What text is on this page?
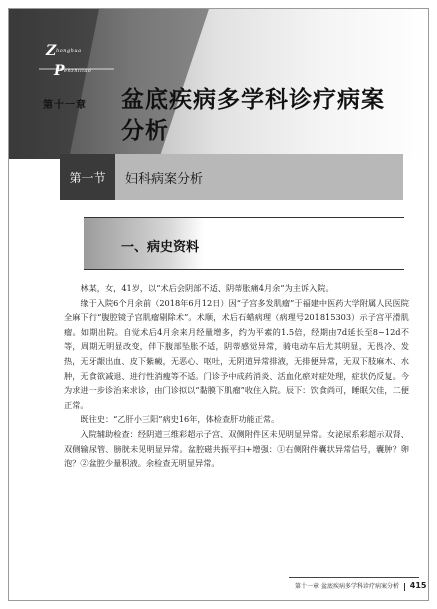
Z honghua
P enzhiliao
第十一章 盆底疾病多学科诊疗病案分析
第一节	妇科病案分析
一、病史资料

林某，女，41岁，以“术后会阴部不适、阴蒂胀痛4月余”为主诉入院。

缘于入院6个月余前（2018年6月12日）因“子宫多发肌瘤”于福建中医药大学附属人民医院全麻下行“腹腔镜子宫肌瘤剔除术”。术顺，术后石蜡病理（病理号201815303）示子宫平滑肌瘤。如期出院。自觉术后4月余来月经量增多，约为平素的1.5倍，经期由7d延长至8~12d不等，周期无明显改变，伴下腹部坠胀不适，阴蒂感觉异常，骑电动车后尤其明显，无畏冷、发热，无牙龈出血、皮下紫癜，无恶心、呕吐，无阴道异常排液，无排便异常，无双下肢麻木、水肿，无食欲减退、进行性消瘦等不适。门诊予中成药消炎、活血化瘀对症处理，症状仍反复。今为求进一步诊治来求诊，由门诊拟以“黏膜下肌瘤”收住入院。辰下：饮食尚可，睡眠欠佳，二便正常。

既往史：“乙肝小三阳”病史16年，体检查肝功能正常。

入院辅助检查：经阴道三维彩超示子宫、双侧附件区未见明显异常。女泌尿系彩超示双肾、双侧输尿管、膀胱未见明显异常。盆腔磁共振平扫+增强：①右侧附件囊状异常信号，囊肿？卵泡？②盆腔少量积液。余检查无明显异常。

第十一章 盆底疾病多学科诊疗病案分析 415
